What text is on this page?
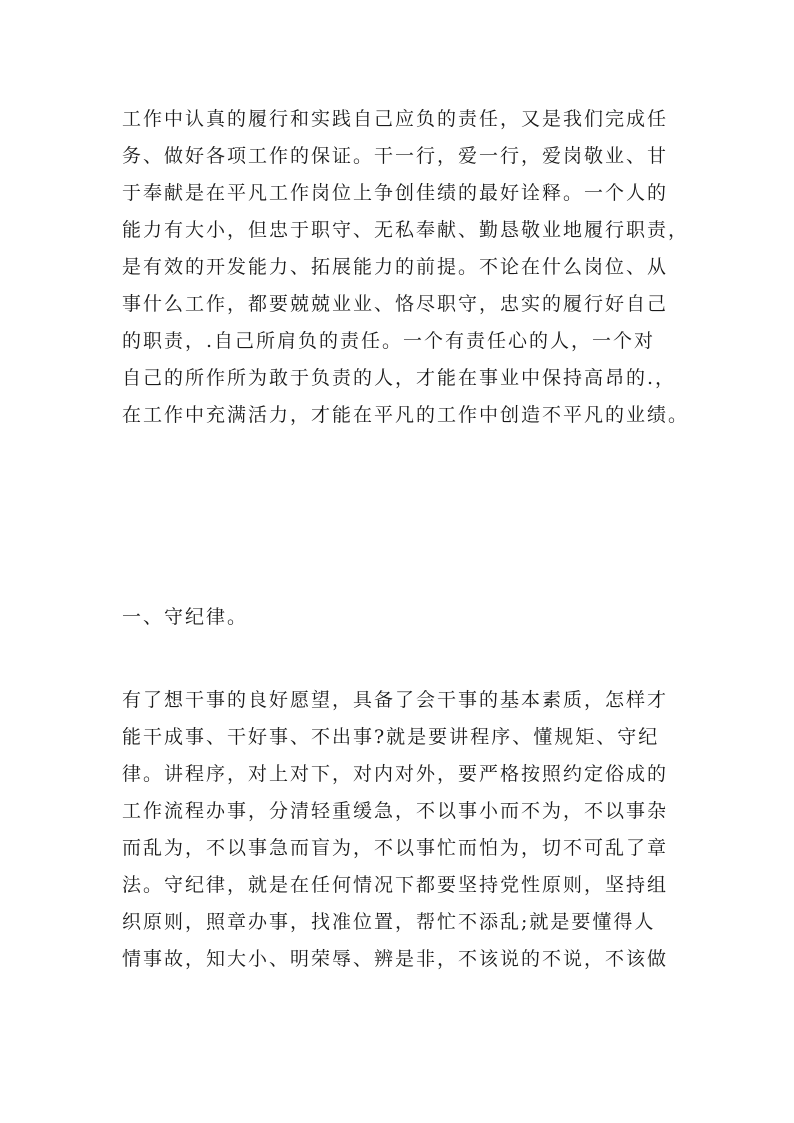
工作中认真的履行和实践自己应负的责任，又是我们完成任
务、做好各项工作的保证。干一行，爱一行，爱岗敬业、甘
于奉献是在平凡工作岗位上争创佳绩的最好诠释。一个人的
能力有大小，但忠于职守、无私奉献、勤恳敬业地履行职责，
是有效的开发能力、拓展能力的前提。不论在什么岗位、从
事什么工作，都要兢兢业业、恪尽职守，忠实的履行好自己
的职责，.自己所肩负的责任。一个有责任心的人，一个对
自己的所作所为敢于负责的人，才能在事业中保持高昂的.，
在工作中充满活力，才能在平凡的工作中创造不平凡的业绩。
一、守纪律。
有了想干事的良好愿望，具备了会干事的基本素质，怎样才
能干成事、干好事、不出事?就是要讲程序、懂规矩、守纪
律。讲程序，对上对下，对内对外，要严格按照约定俗成的
工作流程办事，分清轻重缓急，不以事小而不为，不以事杂
而乱为，不以事急而盲为，不以事忙而怕为，切不可乱了章
法。守纪律，就是在任何情况下都要坚持党性原则，坚持组
织原则，照章办事，找准位置，帮忙不添乱;就是要懂得人
情事故，知大小、明荣辱、辨是非，不该说的不说，不该做
